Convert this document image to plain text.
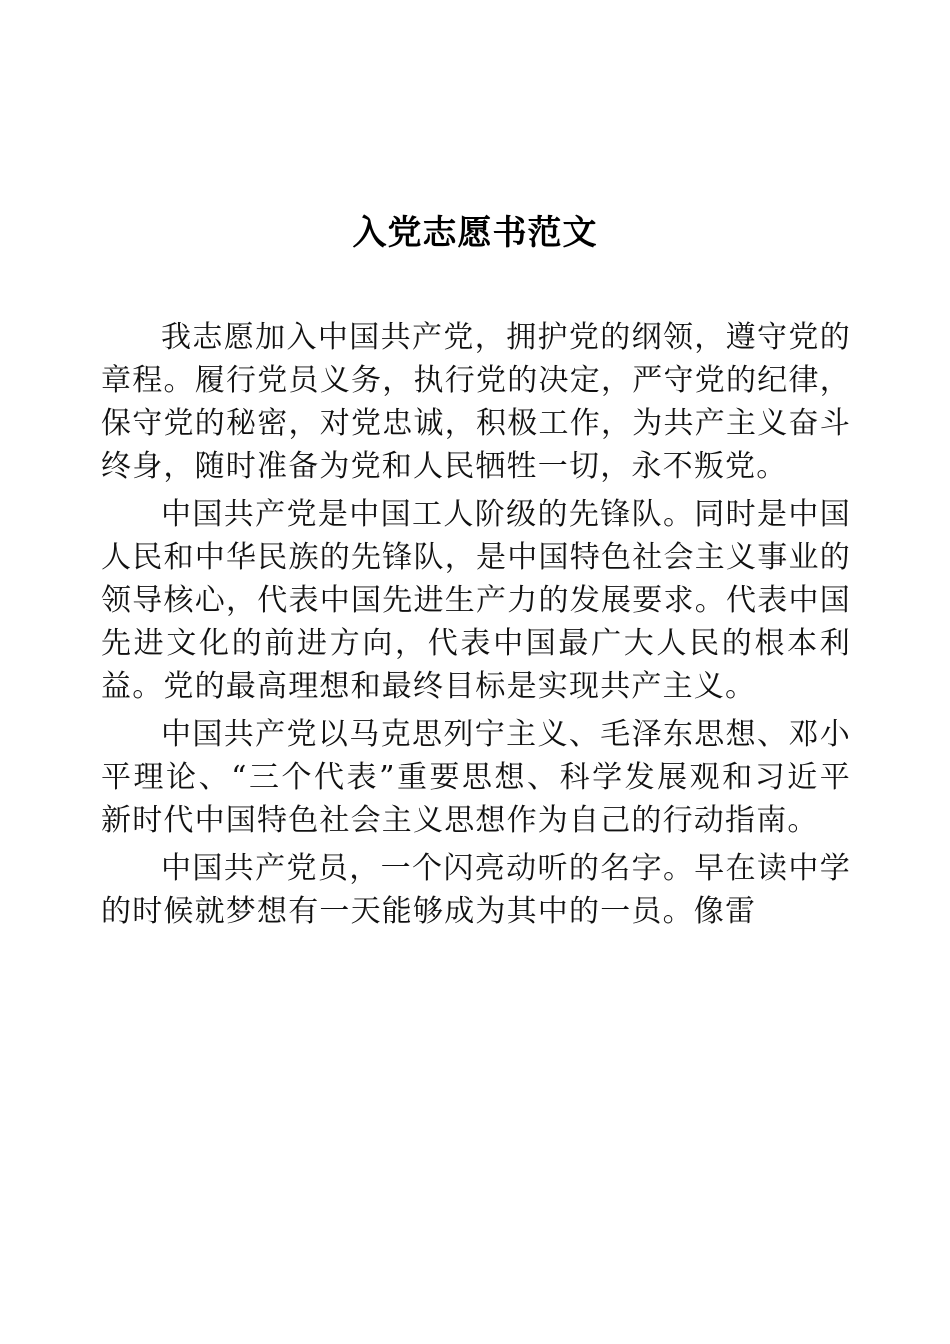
入党志愿书范文

我志愿加入中国共产党，拥护党的纲领，遵守党的章程。履行党员义务，执行党的决定，严守党的纪律，保守党的秘密，对党忠诚，积极工作，为共产主义奋斗终身，随时准备为党和人民牺牲一切，永不叛党。

中国共产党是中国工人阶级的先锋队。同时是中国人民和中华民族的先锋队，是中国特色社会主义事业的领导核心，代表中国先进生产力的发展要求。代表中国先进文化的前进方向，代表中国最广大人民的根本利益。党的最高理想和最终目标是实现共产主义。

中国共产党以马克思列宁主义、毛泽东思想、邓小平理论、“三个代表”重要思想、科学发展观和习近平新时代中国特色社会主义思想作为自己的行动指南。

中国共产党员，一个闪亮动听的名字。早在读中学的时候就梦想有一天能够成为其中的一员。像雷
